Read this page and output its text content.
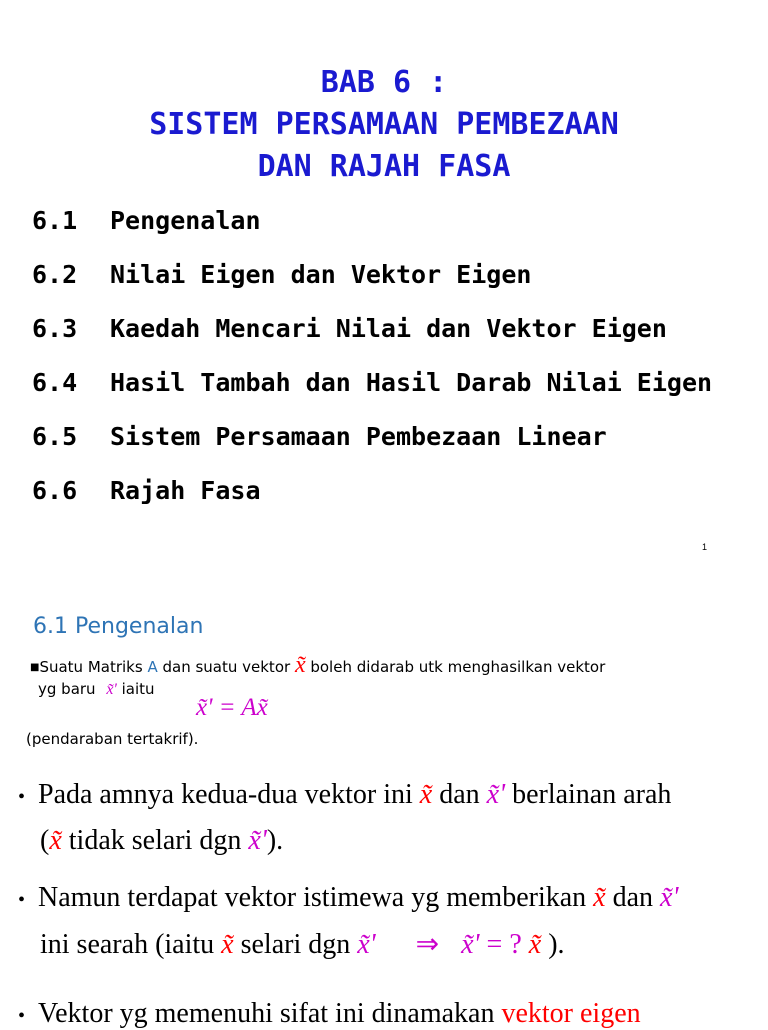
BAB 6 :
SISTEM PERSAMAAN PEMBEZAAN
DAN RAJAH FASA
6.1 Pengenalan
6.2 Nilai Eigen dan Vektor Eigen
6.3 Kaedah Mencari Nilai dan Vektor Eigen
6.4 Hasil Tambah dan Hasil Darab Nilai Eigen
6.5 Sistem Persamaan Pembezaan Linear
6.6 Rajah Fasa
1
6.1 Pengenalan
■Suatu Matriks A dan suatu vektor x̃ boleh didarab utk menghasilkan vektor
yg baru x̃' iaitu
x̃' = Ax̃
(pendaraban tertakrif).
• Pada amnya kedua-dua vektor ini x̃ dan x̃' berlainan arah
(x̃ tidak selari dgn x̃').
• Namun terdapat vektor istimewa yg memberikan x̃ dan x̃'
ini searah (iaitu x̃ selari dgn x̃' ⇒ x̃' = ? x̃ ).
• Vektor yg memenuhi sifat ini dinamakan vektor eigen
